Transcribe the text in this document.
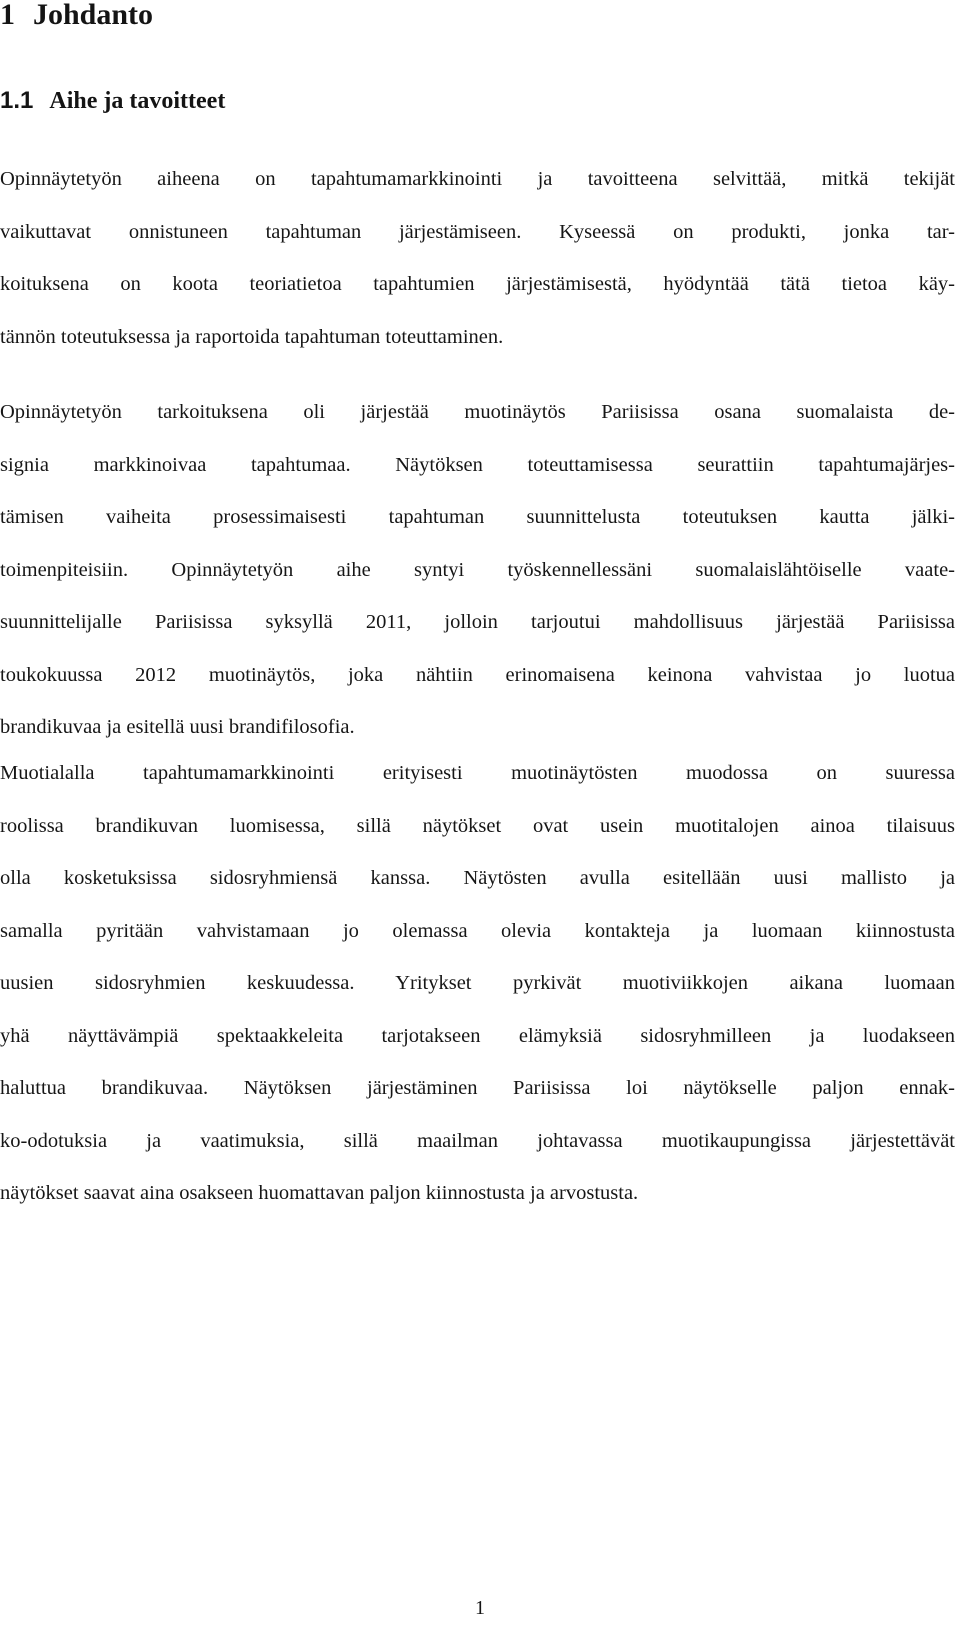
1 Johdanto
1.1 Aihe ja tavoitteet
Opinnäytetyön aiheena on tapahtumamarkkinointi ja tavoitteena selvittää, mitkä tekijät
vaikuttavat onnistuneen tapahtuman järjestämiseen. Kyseessä on produkti, jonka tar-
koituksena on koota teoriatietoa tapahtumien järjestämisestä, hyödyntää tätä tietoa käy-
tännön toteutuksessa ja raportoida tapahtuman toteuttaminen.
Opinnäytetyön tarkoituksena oli järjestää muotinäytös Pariisissa osana suomalaista de-
signia markkinoivaa tapahtumaa. Näytöksen toteuttamisessa seurattiin tapahtumajärjes-
tämisen vaiheita prosessimaisesti tapahtuman suunnittelusta toteutuksen kautta jälki-
toimenpiteisiin. Opinnäytetyön aihe syntyi työskennellessäni suomalaislähtöiselle vaate-
suunnittelijalle Pariisissa syksyllä 2011, jolloin tarjoutui mahdollisuus järjestää Pariisissa
toukokuussa 2012 muotinäytös, joka nähtiin erinomaisena keinona vahvistaa jo luotua
brandikuvaa ja esitellä uusi brandifilosofia.
Muotialalla tapahtumamarkkinointi erityisesti muotinäytösten muodossa on suuressa
roolissa brandikuvan luomisessa, sillä näytökset ovat usein muotitalojen ainoa tilaisuus
olla kosketuksissa sidosryhmiensä kanssa. Näytösten avulla esitellään uusi mallisto ja
samalla pyritään vahvistamaan jo olemassa olevia kontakteja ja luomaan kiinnostusta
uusien sidosryhmien keskuudessa. Yritykset pyrkivät muotiviikkojen aikana luomaan
yhä näyttävämpiä spektaakkeleita tarjotakseen elämyksiä sidosryhmilleen ja luodakseen
haluttua brandikuvaa. Näytöksen järjestäminen Pariisissa loi näytökselle paljon ennak-
ko-odotuksia ja vaatimuksia, sillä maailman johtavassa muotikaupungissa järjestettävät
näytökset saavat aina osakseen huomattavan paljon kiinnostusta ja arvostusta.
1
